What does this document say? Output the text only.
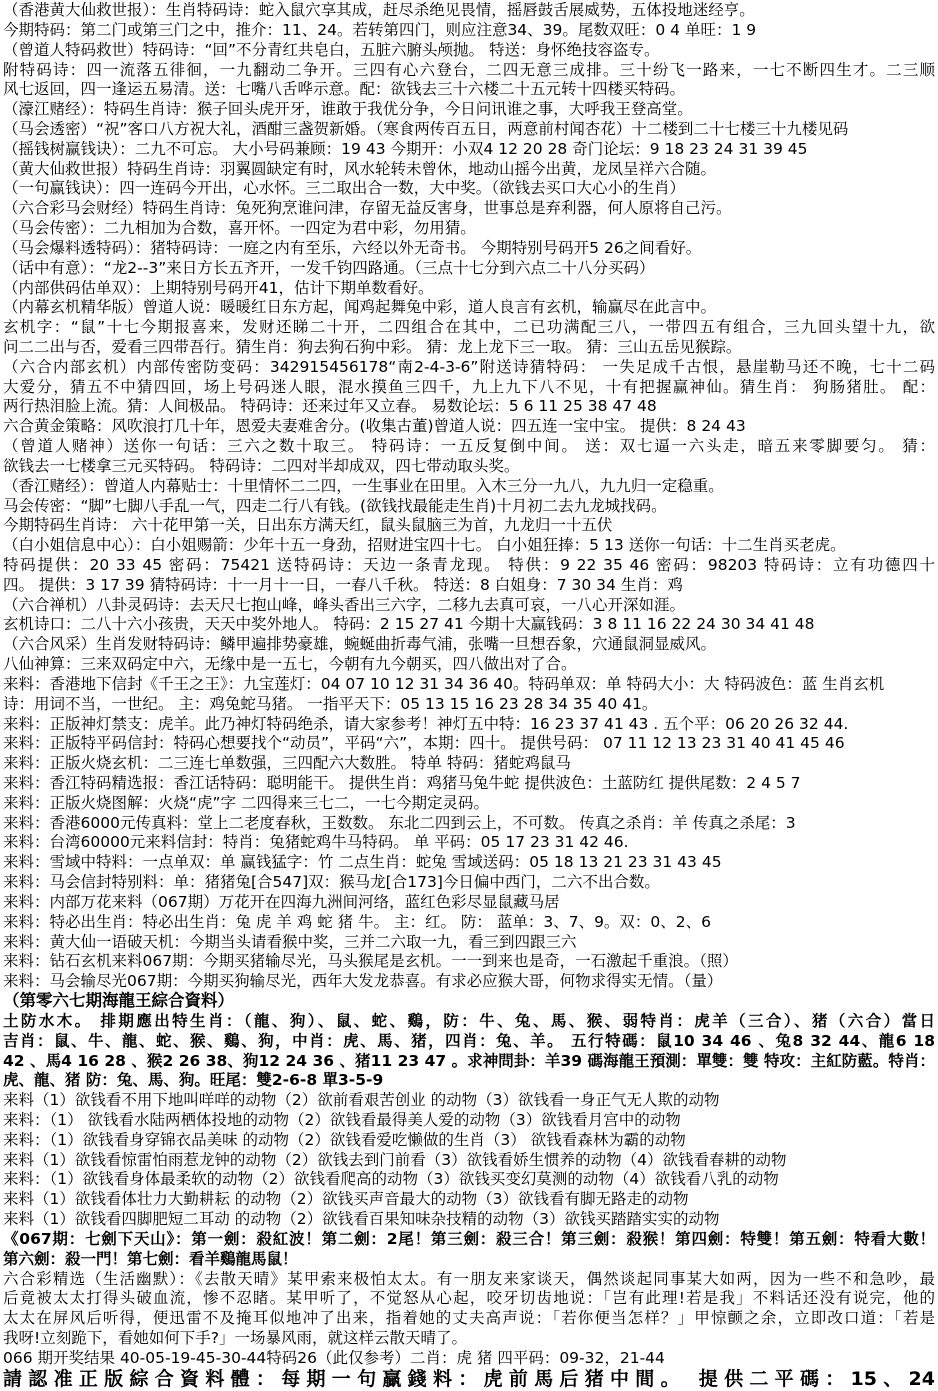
（香港黄大仙救世报）：生肖特码诗：蛇入鼠穴享其成，赶尽杀绝见畏情，摇唇鼓舌展威势，五体投地迷经亨。
今期特码：第二门或第三门之中，推介：11、24。若转第四门，则应注意34、39。尾数双旺：0 4 单旺：1 9
（曾道人特码救世）特码诗：“回”不分青红共皂白，五脏六腑头颅抛。 特送：身怀绝技容盗专。
附特码诗：四一流落五徘徊，一九翻动二争开。三四有心六登台，二四无意三成排。三十纷飞一路来，一七不断四生才。二三顺
风七返回，四一逢运五易清。送：七嘴八舌哗示意。配：欲钱去三十六楼二十五元转十四楼买特码。
（濠江赌经）：特码生肖诗：猴子回头虎开牙，谁敢于我优分争，今日问讯谁之事，大呼我王登高堂。
（马会透密）“祝”客口八方祝大礼，酒酣三盏贺新婚。（寒食两传百五日，两意前村闻杏花）十二楼到二十七楼三十九楼见码
（摇钱树赢钱诀）：二九不可忘。 大小号码兼顾：19 43 今期开：小双4 12 20 28 奇门论坛：9 18 23 24 31 39 45
（黄大仙救世报）特码生肖诗：羽翼圆缺定有时，风水轮转未曾休，地动山摇今出黄，龙凤呈祥六合随。
（一句赢钱诀）：四一连码今开出，心水怀。三二取出合一数，大中奖。（欲钱去买口大心小的生肖）
（六合彩马会财经）特码生肖诗：兔死狗烹谁问津，存留无益反害身，世事总是弃利器，何人原将自己污。
（马会传密）：二九相加为合数，喜开怀。一四定为君中彩，勿用猜。
（马会爆料透特码）：猪特码诗：一庭之内有至乐，六经以外无奇书。 今期特别号码开5 26之间看好。
（话中有意）：“龙2--3”来日方长五齐开，一发千钧四路通。（三点十七分到六点二十八分买码）
（内部供码估单双）：上期特别号码开41，估计下期单数看好。
（内幕玄机精华版）曾道人说：暖暖红日东方起，闻鸡起舞兔中彩，道人良言有玄机，输赢尽在此言中。
玄机字：“鼠”十七今期报喜来，发财还睇二十开，二四组合在其中，二已功满配三八，一带四五有组合，三九回头望十九，欲
问二二出与否，爱看三四带吾行。猜生肖：狗去狗石狗中彩。 猜：龙上龙下三一取。 猜：三山五岳见猴踪。
（六合内部玄机）内部传密防变码：342915456178“南2-4-3-6”附送诗猜特码： 一失足成千古恨，悬崖勒马还不晚，七十二码
大爱分，猜五不中猜四回，场上号码迷人眼，混水摸鱼三四千，九上九下八不见，十有把握赢神仙。猜生肖： 狗肠猪肚。 配：
两行热泪脸上流。猜：人间极品。 特码诗：还来过年又立春。 易数论坛：5 6 11 25 38 47 48
六合黄金策略：风吹浪打几十年，恩爱夫妻难舍分。(收集古董)曾道人说：四五连一宝中宝。 提供：8 24 43
（曾道人赌神）送你一句话：三六之数十取三。 特码诗：一五反复倒中间。 送：双七逼一六头走，暗五来零脚要匀。 猜：
欲钱去一七楼拿三元买特码。 特码诗：二四对半却成双，四七带动取头奖。
（香江赌经）：曾道人内幕贴士：十里情怀二二四，一生事业在田里。入木三分一九八，九九归一定稳重。
马会传密：“脚”七脚八手乱一气，四走二行八有钱。(欲钱找最能走生肖)十月初二去九龙城找码。
今期特码生肖诗： 六十花甲第一关，日出东方满天红，鼠头鼠脑三为首，九龙归一十五伏
（白小姐信息中心）：白小姐赐箭：少年十五一身劲，招财进宝四十七。 白小姐狂捧：5 13 送你一句话：十二生肖买老虎。
特码提供：20 33 45 密码：75421 送特码诗：天边一条青龙现。 特供：9 22 35 46 密码：98203 特码诗：立有功德四十
四。 提供：3 17 39 猜特码诗：十一月十一日，一春八千秋。 特送：8 白姐身：7 30 34 生肖：鸡
（六合禅机）八卦灵码诗：去天尺七抱山峰，峰头香出三六字，二移九去真可哀，一八心开深如涯。
玄机诗口：二八十六小孩贵，天天中奖外地人。 特码：2 15 27 41 今期十大赢钱码：3 8 11 16 22 24 30 34 41 48
（六合风采）生肖发财特码诗：鳞甲遍排势豪雄，蜿蜒曲折毒气浦，张嘴一旦想吞象，穴通鼠洞显威风。
八仙神算：三来双码定中六，无缘中是一五七，今朝有九今朝买，四八做出对了合。
来料：香港地下信封《千王之王》：九宝莲灯：04 07 10 12 31 34 36 40。特码单双：单 特码大小：大 特码波色：蓝 生肖玄机
诗：用词不当，一世纪。 主：鸡兔蛇马猪。 一指平天下：05 13 15 16 23 28 34 35 40 41。
来料：正版神灯禁支：虎羊。此乃神灯特码绝杀，请大家参考！神灯五中特：16 23 37 41 43 . 五个平：06 20 26 32 44.
来料：正版特平码信封：特码心想要找个“动员”，平码“六”，本期：四十。 提供号码： 07 11 12 13 23 31 40 41 45 46
来料：正版火烧玄机：二三连七单数强，三四配六大数胜。 特单 特码：猪蛇鸡鼠马
来料：香江特码精选报：香江话特码：聪明能干。 提供生肖：鸡猪马兔牛蛇 提供波色：土蓝防红 提供尾数：2 4 5 7
来料：正版火烧图解：火烧“虎”字 二四得来三七二，一七今期定灵码。
来料：香港6000元传真料：堂上二老度春秋，王数数。 东北二四到云上，不可数。 传真之杀肖：羊 传真之杀尾：3
来料：台湾60000元来料信封：特肖：兔猪蛇鸡牛马特码。 单 平码：05 17 23 31 42 46.
来料：雪域中特料：一点单双：单 赢钱猛字：竹 二点生肖：蛇兔 雪域送码：05 18 13 21 23 31 43 45
来料：马会信封特别料：单：猪猪兔[合547]双：猴马龙[合173]今日偏中西门，二六不出合数。
来料：内部万花来料（067期）万花开在四海九洲间河络，蓝红色彩尽显鼠藏马居
来料：特必出生肖：特必出生肖：兔 虎 羊 鸡 蛇 猪 牛。 主：红。 防： 蓝单：3、7、9。双：0、2、6
来料：黄大仙一语破天机：今期当头请看猴中奖，三并二六取一九，看三到四跟三六
来料：钻石玄机来料067期：今期买猪输尽光，马头猴尾是玄机。一一到来也是奇，一石激起千重浪。（照）
来料：马会输尽光067期：今期买狗输尽光，西年大发龙恭喜。有求必应猴大哥，何物求得实无情。（量）
（第零六七期海龍王綜合資料）
土防水木。 排期應出特生肖：（龍、狗）、鼠、蛇、鷄，防：牛、兔、馬、猴、弱特肖：虎羊（三合）、猪（六合）當日
吉肖：鼠、牛、龍、蛇、猴、鷄、狗，中肖：虎、馬、猪，四肖：兔、羊。 五行特碼：鼠10 34 46 、兔8 32 44、龍6 18
42 、馬4 16 28 、猴2 26 38、狗12 24 36 、猪11 23 47 。求神問卦：羊39 碼海龍王預測：單雙：雙 特攻：主紅防藍。特肖：
虎、龍、猪 防：兔、馬、狗。旺尾：雙2-6-8 單3-5-9
来料（1）欲钱看不用下地叫咩咩的动物（2）欲前看艰苦创业 的动物（3）欲钱看一身正气无人欺的动物
来料：（1） 欲钱看水陆两栖体投地的动物（2）欲钱看最得美人爱的动物（3）欲钱看月宫中的动物
来料：（1）欲钱看身穿锦衣品美味 的动物（2）欲钱看爱吃懒做的生肖（3） 欲钱看森林为霸的动物
来料（1）欲钱看惊雷怕雨惹龙钟的动物（2）欲钱去到门前看（3）欲钱看娇生惯养的动物（4）欲钱看春耕的动物
来料：（1）欲钱看身体最柔软的动物（2）欲钱看爬高的动物（3）欲钱买变幻莫测的动物（4）欲钱看八乳的动物
来料（1）欲钱看体壮力大勤耕耘 的动物（2）欲钱买声音最大的动物（3）欲钱看有脚无路走的动物
来料（1）欲钱看四脚肥短二耳动 的动物（2）欲钱看百果知味杂技精的动物（3）欲钱买踏踏实实的动物
《067期：七劍下天山》：第一劍：殺紅波！第二劍：2尾！第三劍：殺三合！第三劍：殺猴！第四劍：特雙！第五劍：特看大數！
第六劍：殺一門！第七劍：看羊鷄龍馬鼠！
六合彩精选（生活幽默）：《去散天晴》某甲索来极怕太太。有一朋友来家谈天，偶然谈起同事某大如两，因为一些不和急吵，最
后竟被太太打得头破血流，惨不忍睹。某甲听了，不觉怒从心起，咬牙切齿地说：「岂有此理!若是我」不料话还没有说完，他的
太太在屏风后听得，便迅雷不及掩耳似地冲了出来，指着她的丈夫高声说：「若你便当怎样？」甲惊颤之余，立即改口道：「若是
我呀!立刻跪下，看她如何下手?」一场暴风雨，就这样云散天晴了。
066 期开奖结果 40-05-19-45-30-44特码26（此仅参考）二肖：虎 猪 四平码：09-32，21-44
請認准正版綜合資料體：每期一句贏錢料：虎前馬后猪中間。 提供二平碼：15、24
